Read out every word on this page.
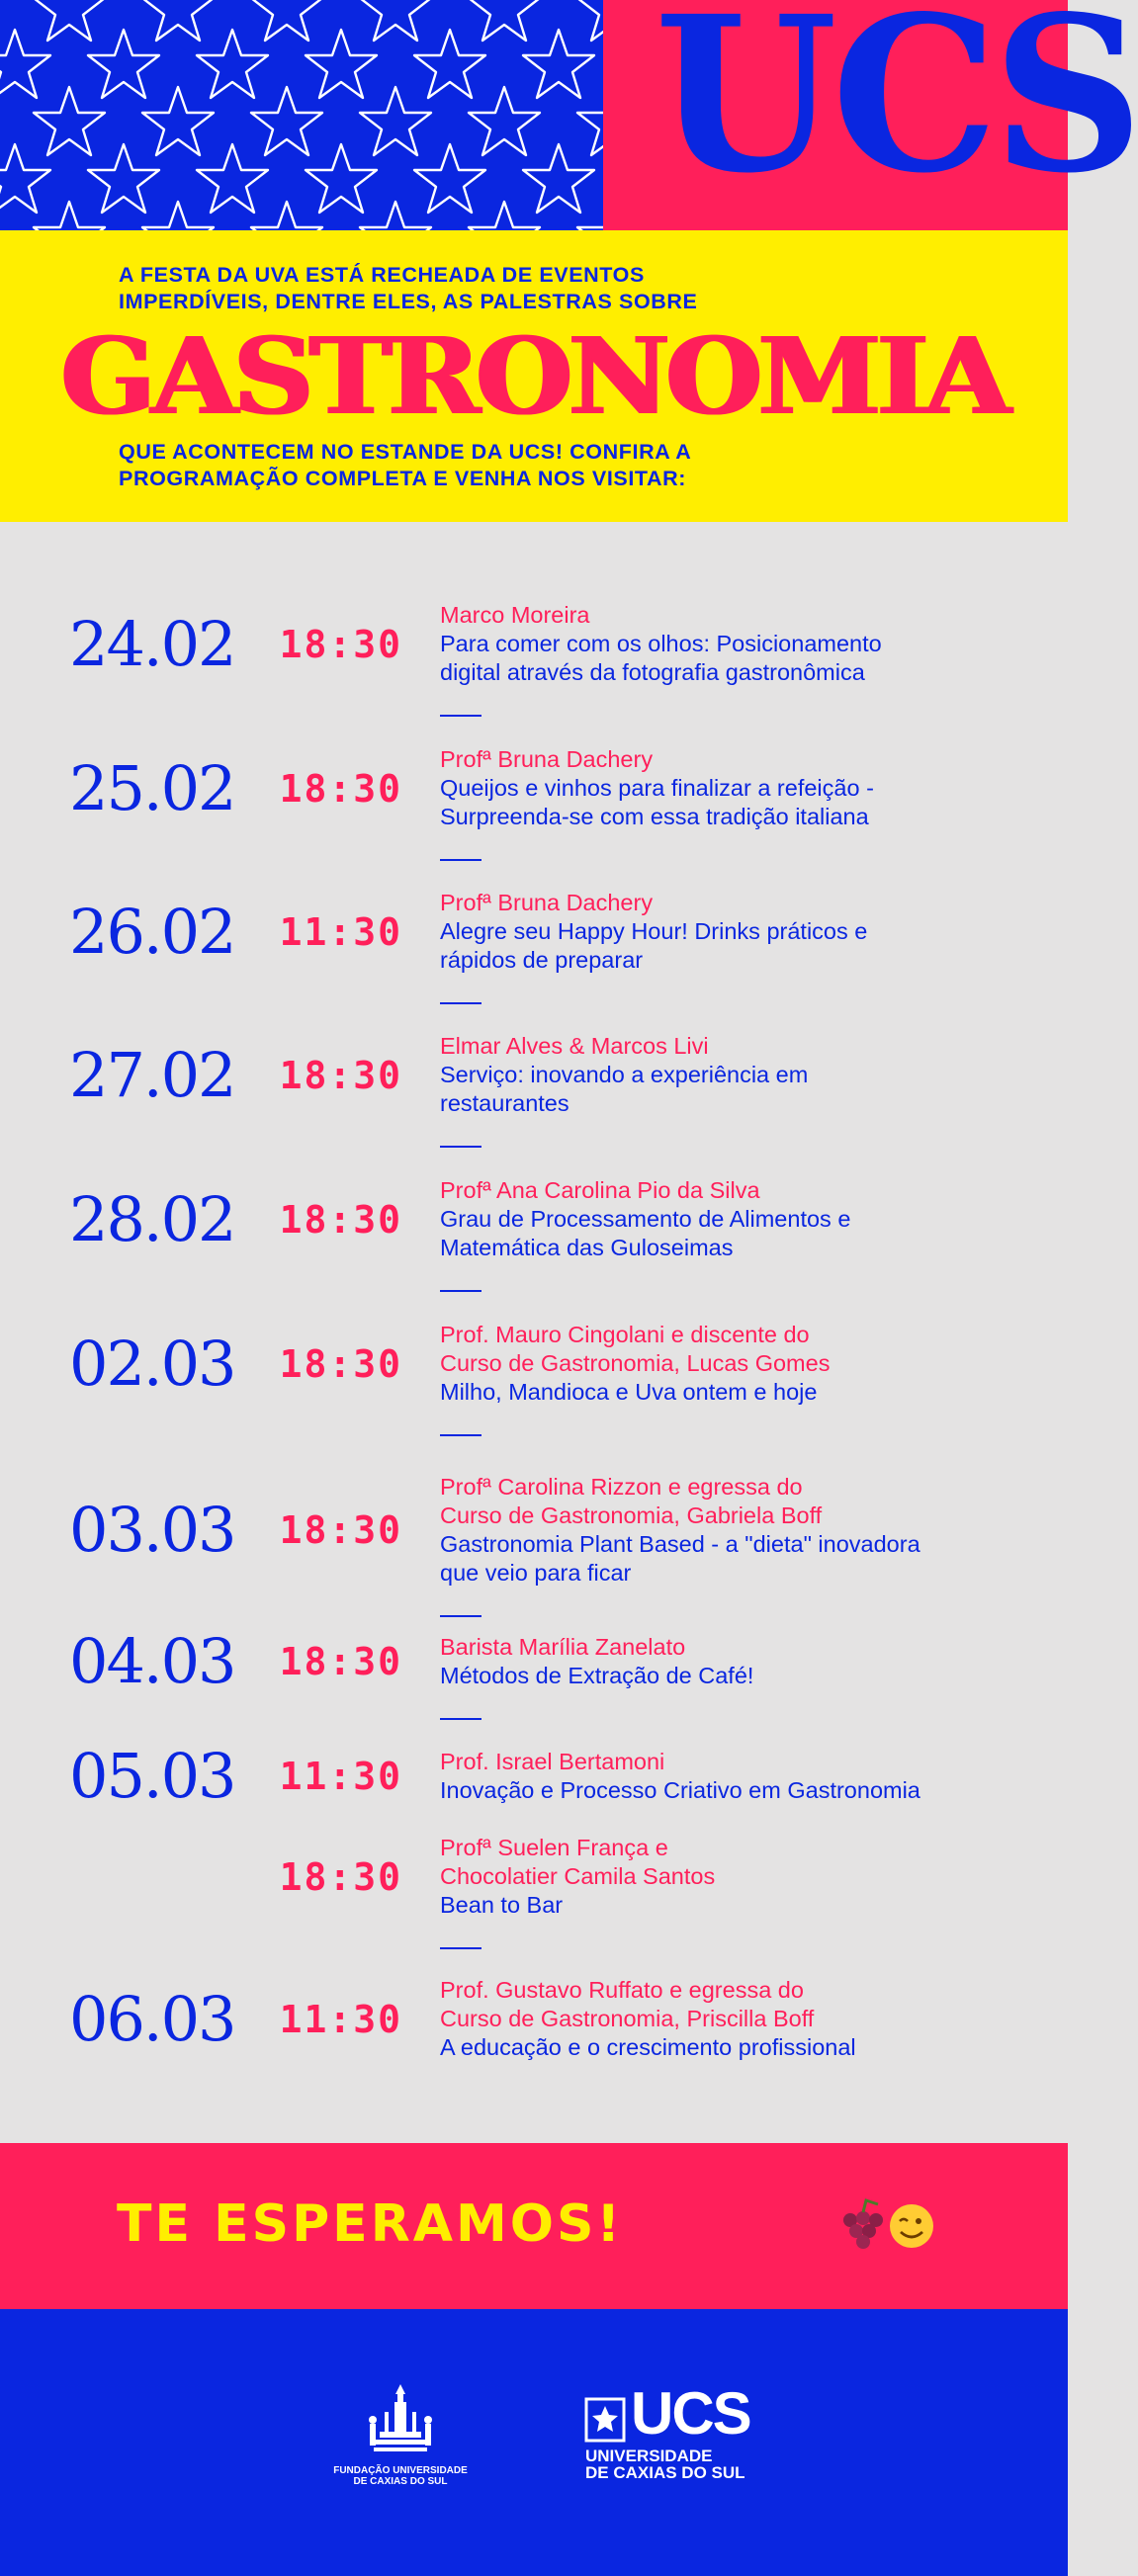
UCS
A FESTA DA UVA ESTÁ RECHEADA DE EVENTOS
IMPERDÍVEIS, DENTRE ELES, AS PALESTRAS SOBRE
GASTRONOMIA
QUE ACONTECEM NO ESTANDE DA UCS! CONFIRA A
PROGRAMAÇÃO COMPLETA E VENHA NOS VISITAR:
24.02	18:30
Marco Moreira
Para comer com os olhos: Posicionamento
digital através da fotografia gastronômica
25.02	18:30
Profª Bruna Dachery
Queijos e vinhos para finalizar a refeição -
Surpreenda-se com essa tradição italiana
26.02	11:30
Profª Bruna Dachery
Alegre seu Happy Hour! Drinks práticos e
rápidos de preparar
27.02	18:30
Elmar Alves & Marcos Livi
Serviço: inovando a experiência em
restaurantes
28.02	18:30
Profª Ana Carolina Pio da Silva
Grau de Processamento de Alimentos e
Matemática das Guloseimas
02.03	18:30
Prof. Mauro Cingolani e discente do
Curso de Gastronomia, Lucas Gomes
Milho, Mandioca e Uva ontem e hoje
03.03	18:30
Profª Carolina Rizzon e egressa do
Curso de Gastronomia, Gabriela Boff
Gastronomia Plant Based - a "dieta" inovadora
que veio para ficar
04.03	18:30 Barista Marília Zanelato
Métodos de Extração de Café!
05.03	11:30 Prof. Israel Bertamoni
Inovação e Processo Criativo em Gastronomia
18:30
Profª Suelen França e
Chocolatier Camila Santos
Bean to Bar
06.03	11:30
Prof. Gustavo Ruffato e egressa do
Curso de Gastronomia, Priscilla Boff
A educação e o crescimento profissional
TE ESPERAMOS!
FUNDAÇÃO UNIVERSIDADE
DE CAXIAS DO SUL
UCS
UNIVERSIDADE
DE CAXIAS DO SUL
